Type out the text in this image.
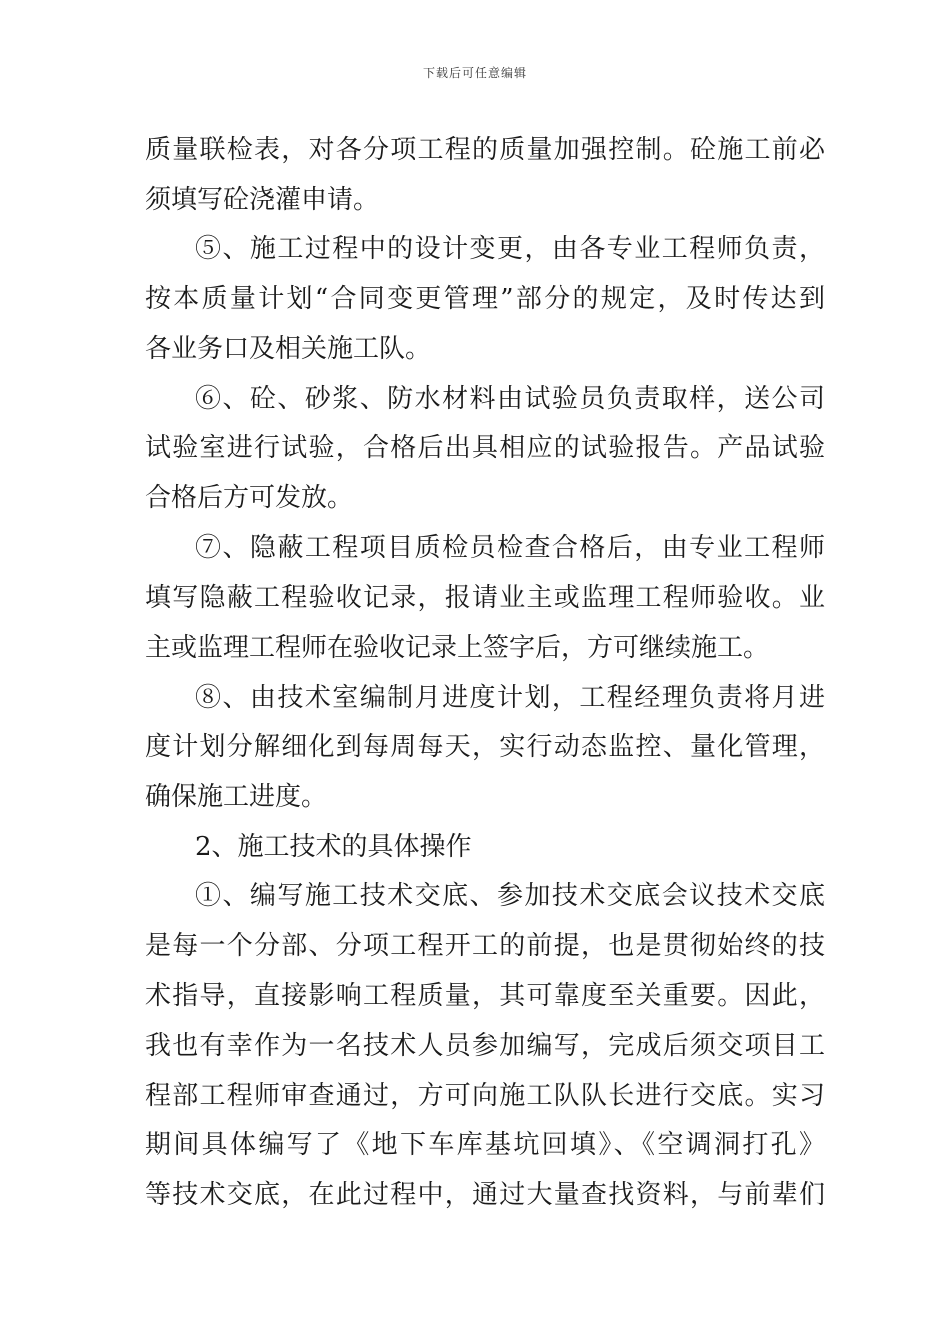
下载后可任意编辑
质量联检表，对各分项工程的质量加强控制。砼施工前必
须填写砼浇灌申请。
⑤、施工过程中的设计变更，由各专业工程师负责，
按本质量计划“合同变更管理”部分的规定，及时传达到
各业务口及相关施工队。
⑥、砼、砂浆、防水材料由试验员负责取样，送公司
试验室进行试验，合格后出具相应的试验报告。产品试验
合格后方可发放。
⑦、隐蔽工程项目质检员检查合格后，由专业工程师
填写隐蔽工程验收记录，报请业主或监理工程师验收。业
主或监理工程师在验收记录上签字后，方可继续施工。
⑧、由技术室编制月进度计划，工程经理负责将月进
度计划分解细化到每周每天，实行动态监控、量化管理，
确保施工进度。
2、施工技术的具体操作
①、编写施工技术交底、参加技术交底会议技术交底
是每一个分部、分项工程开工的前提，也是贯彻始终的技
术指导，直接影响工程质量，其可靠度至关重要。因此，
我也有幸作为一名技术人员参加编写，完成后须交项目工
程部工程师审查通过，方可向施工队队长进行交底。实习
期间具体编写了《地下车库基坑回填》、《空调洞打孔》
等技术交底，在此过程中，通过大量查找资料，与前辈们
